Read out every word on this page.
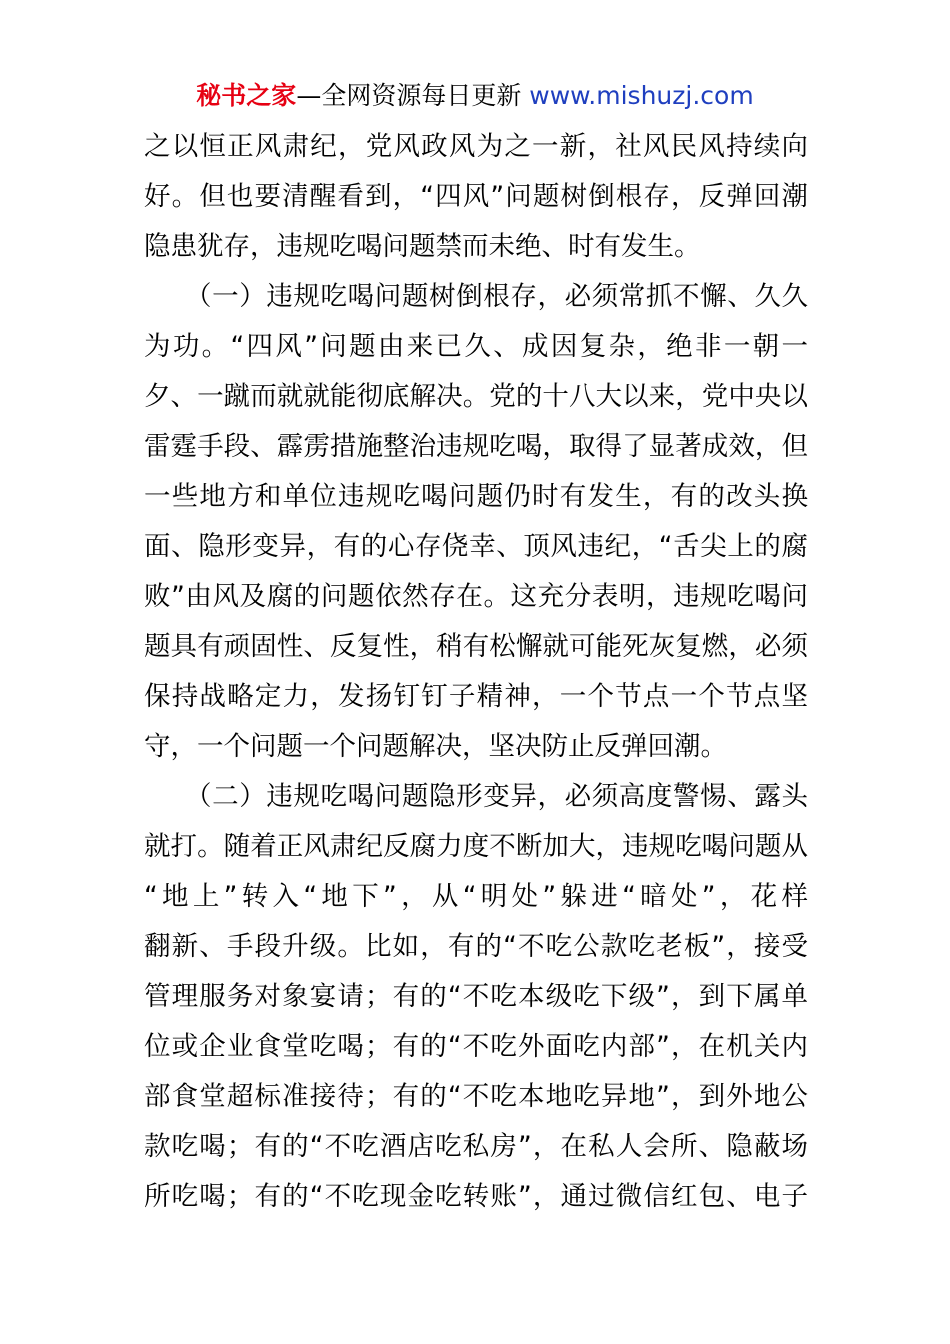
秘书之家—全网资源每日更新 www.mishuzj.com
之以恒正风肃纪，党风政风为之一新，社风民风持续向
好。但也要清醒看到，“四风”问题树倒根存，反弹回潮
隐患犹存，违规吃喝问题禁而未绝、时有发生。
　　（一）违规吃喝问题树倒根存，必须常抓不懈、久久
为功。“四风”问题由来已久、成因复杂，绝非一朝一
夕、一蹴而就就能彻底解决。党的十八大以来，党中央以
雷霆手段、霹雳措施整治违规吃喝，取得了显著成效，但
一些地方和单位违规吃喝问题仍时有发生，有的改头换
面、隐形变异，有的心存侥幸、顶风违纪，“舌尖上的腐
败”由风及腐的问题依然存在。这充分表明，违规吃喝问
题具有顽固性、反复性，稍有松懈就可能死灰复燃，必须
保持战略定力，发扬钉钉子精神，一个节点一个节点坚
守，一个问题一个问题解决，坚决防止反弹回潮。
　　（二）违规吃喝问题隐形变异，必须高度警惕、露头
就打。随着正风肃纪反腐力度不断加大，违规吃喝问题从
“地上”转入“地下”，从“明处”躲进“暗处”，花样
翻新、手段升级。比如，有的“不吃公款吃老板”，接受
管理服务对象宴请；有的“不吃本级吃下级”，到下属单
位或企业食堂吃喝；有的“不吃外面吃内部”，在机关内
部食堂超标准接待；有的“不吃本地吃异地”，到外地公
款吃喝；有的“不吃酒店吃私房”，在私人会所、隐蔽场
所吃喝；有的“不吃现金吃转账”，通过微信红包、电子
